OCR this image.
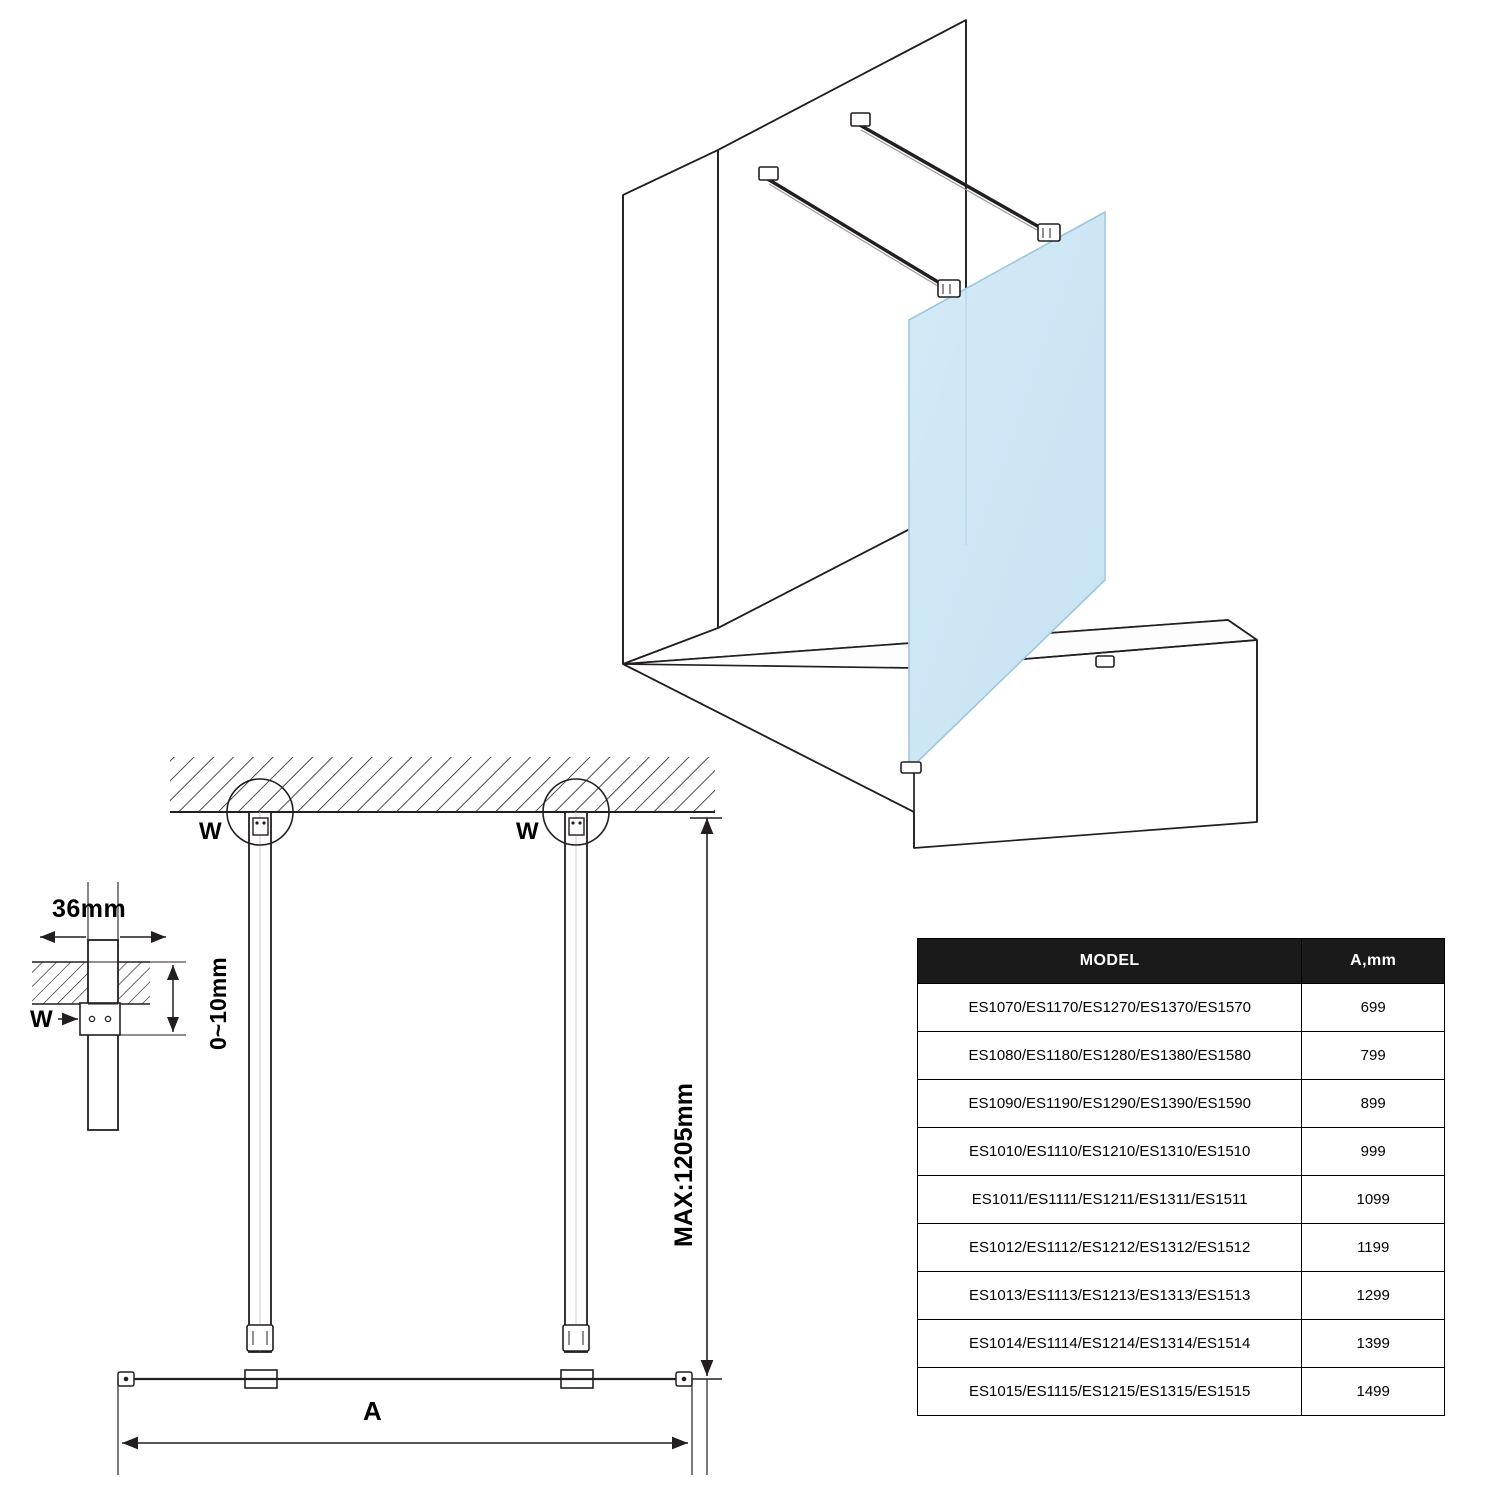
W	W
W
36mm
0~10mm
MAX:1205mm
A
MODEL	A,mm
ES1070/ES1170/ES1270/ES1370/ES1570	699
ES1080/ES1180/ES1280/ES1380/ES1580	799
ES1090/ES1190/ES1290/ES1390/ES1590	899
ES1010/ES1110/ES1210/ES1310/ES1510	999
ES1011/ES1111/ES1211/ES1311/ES1511	1099
ES1012/ES1112/ES1212/ES1312/ES1512	1199
ES1013/ES1113/ES1213/ES1313/ES1513	1299
ES1014/ES1114/ES1214/ES1314/ES1514	1399
ES1015/ES1115/ES1215/ES1315/ES1515	1499
